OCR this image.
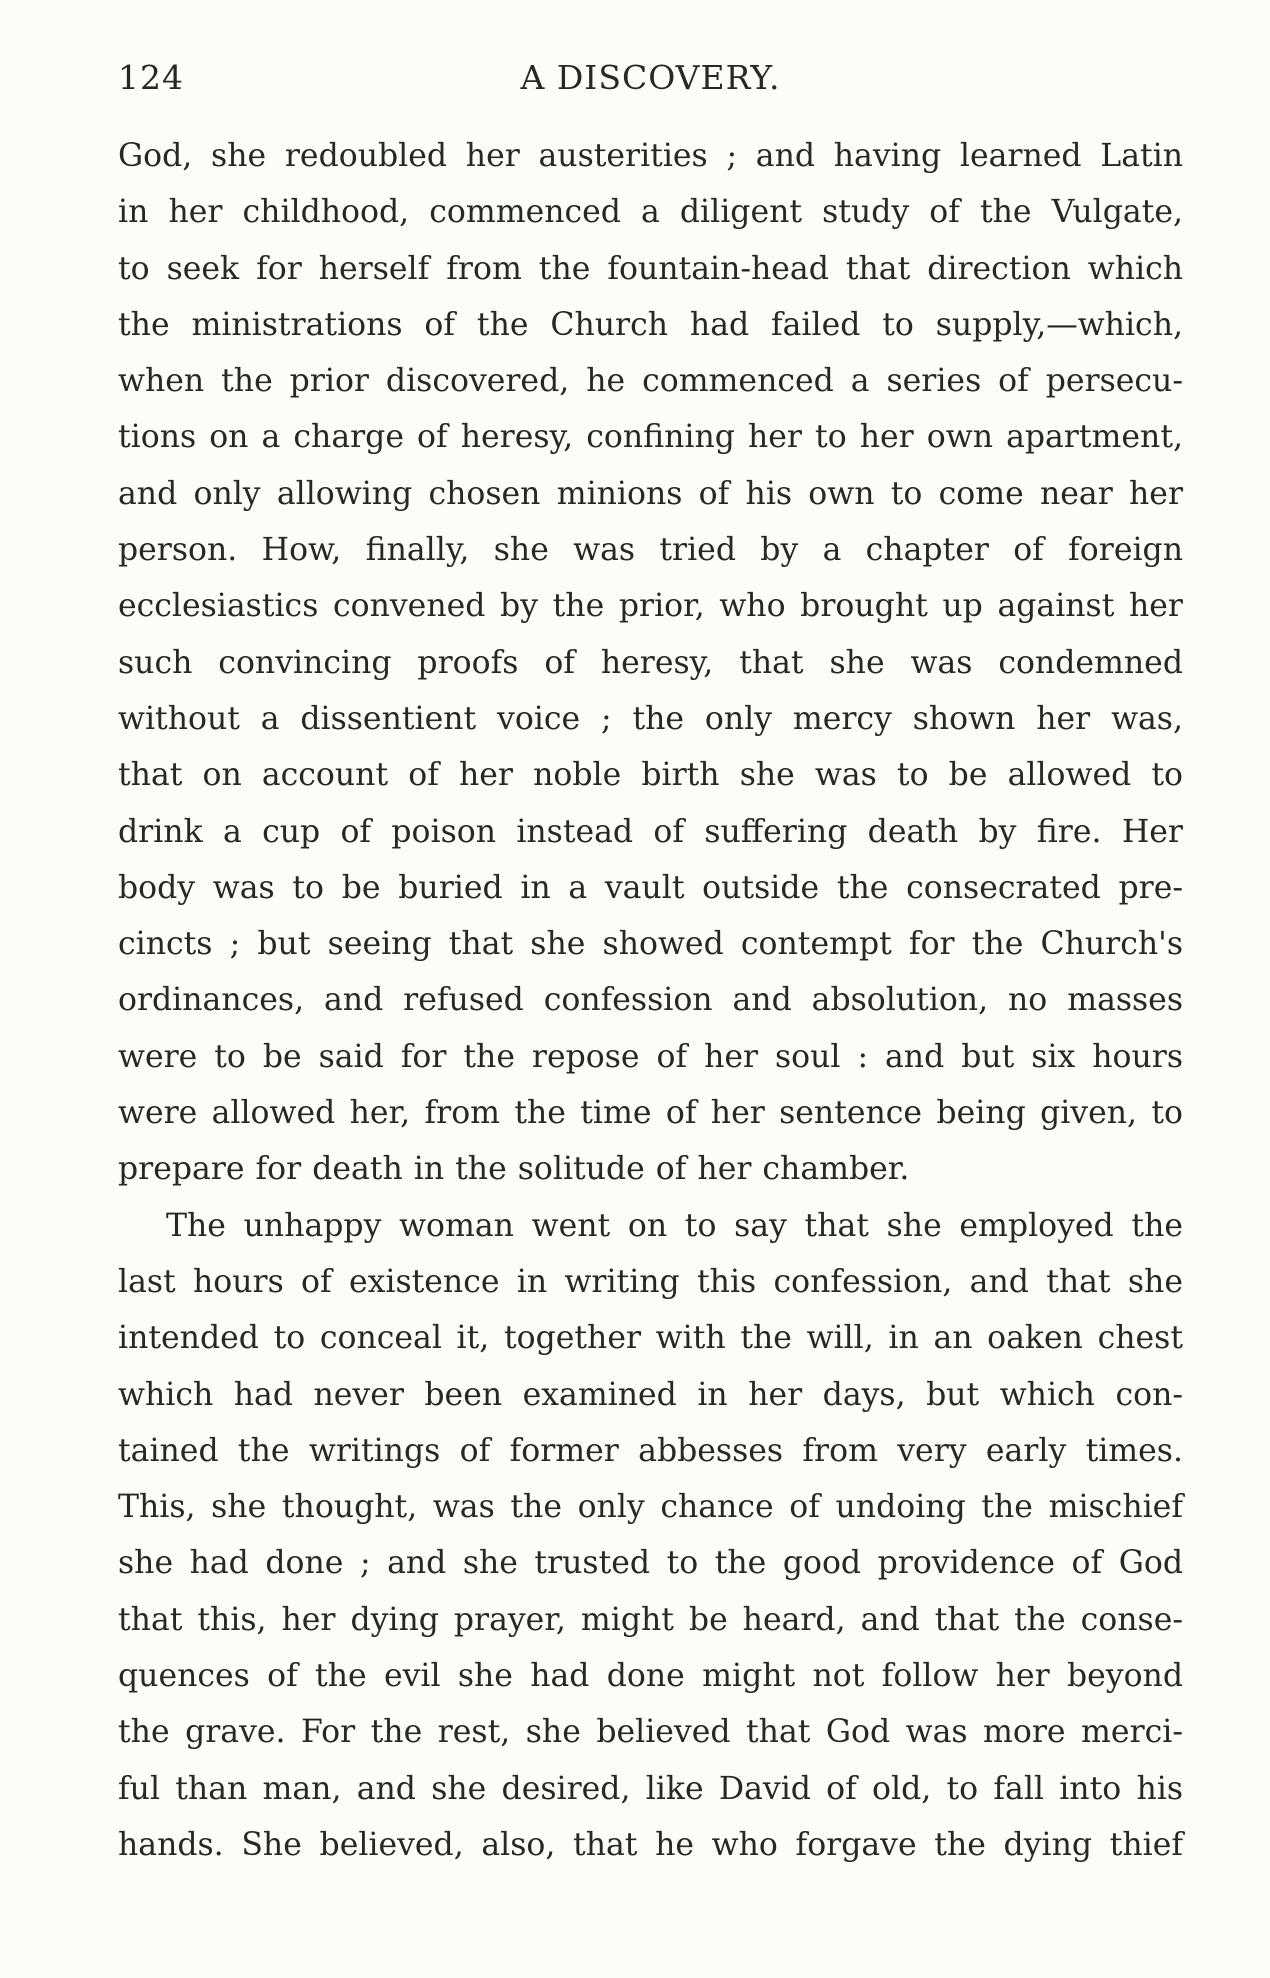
124	A DISCOVERY.
God, she redoubled her austerities ; and having learned Latin
in her childhood, commenced a diligent study of the Vulgate,
to seek for herself from the fountain-head that direction which
the ministrations of the Church had failed to supply,—which,
when the prior discovered, he commenced a series of persecu-
tions on a charge of heresy, confining her to her own apartment,
and only allowing chosen minions of his own to come near her
person. How, finally, she was tried by a chapter of foreign
ecclesiastics convened by the prior, who brought up against her
such convincing proofs of heresy, that she was condemned
without a dissentient voice ; the only mercy shown her was,
that on account of her noble birth she was to be allowed to
drink a cup of poison instead of suffering death by fire. Her
body was to be buried in a vault outside the consecrated pre-
cincts ; but seeing that she showed contempt for the Church's
ordinances, and refused confession and absolution, no masses
were to be said for the repose of her soul : and but six hours
were allowed her, from the time of her sentence being given, to
prepare for death in the solitude of her chamber.
The unhappy woman went on to say that she employed the
last hours of existence in writing this confession, and that she
intended to conceal it, together with the will, in an oaken chest
which had never been examined in her days, but which con-
tained the writings of former abbesses from very early times.
This, she thought, was the only chance of undoing the mischief
she had done ; and she trusted to the good providence of God
that this, her dying prayer, might be heard, and that the conse-
quences of the evil she had done might not follow her beyond
the grave. For the rest, she believed that God was more merci-
ful than man, and she desired, like David of old, to fall into his
hands. She believed, also, that he who forgave the dying thief
